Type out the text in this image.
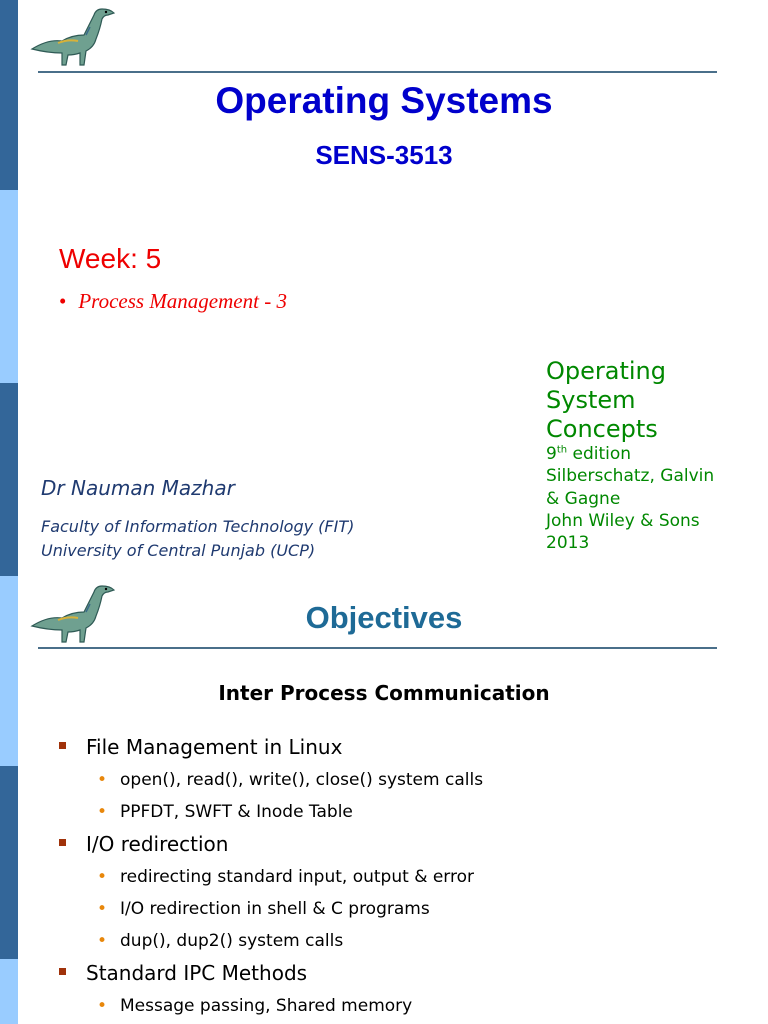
Operating Systems
SENS-3513
Week: 5
• Process Management - 3
Operating
System
Concepts
9th edition
Silberschatz, Galvin
& Gagne
John Wiley & Sons
2013
Dr Nauman Mazhar
Faculty of Information Technology (FIT)
University of Central Punjab (UCP)
Objectives
Inter Process Communication
File Management in Linux
• open(), read(), write(), close() system calls
• PPFDT, SWFT & Inode Table
I/O redirection
• redirecting standard input, output & error
• I/O redirection in shell & C programs
• dup(), dup2() system calls
Standard IPC Methods
• Message passing, Shared memory
